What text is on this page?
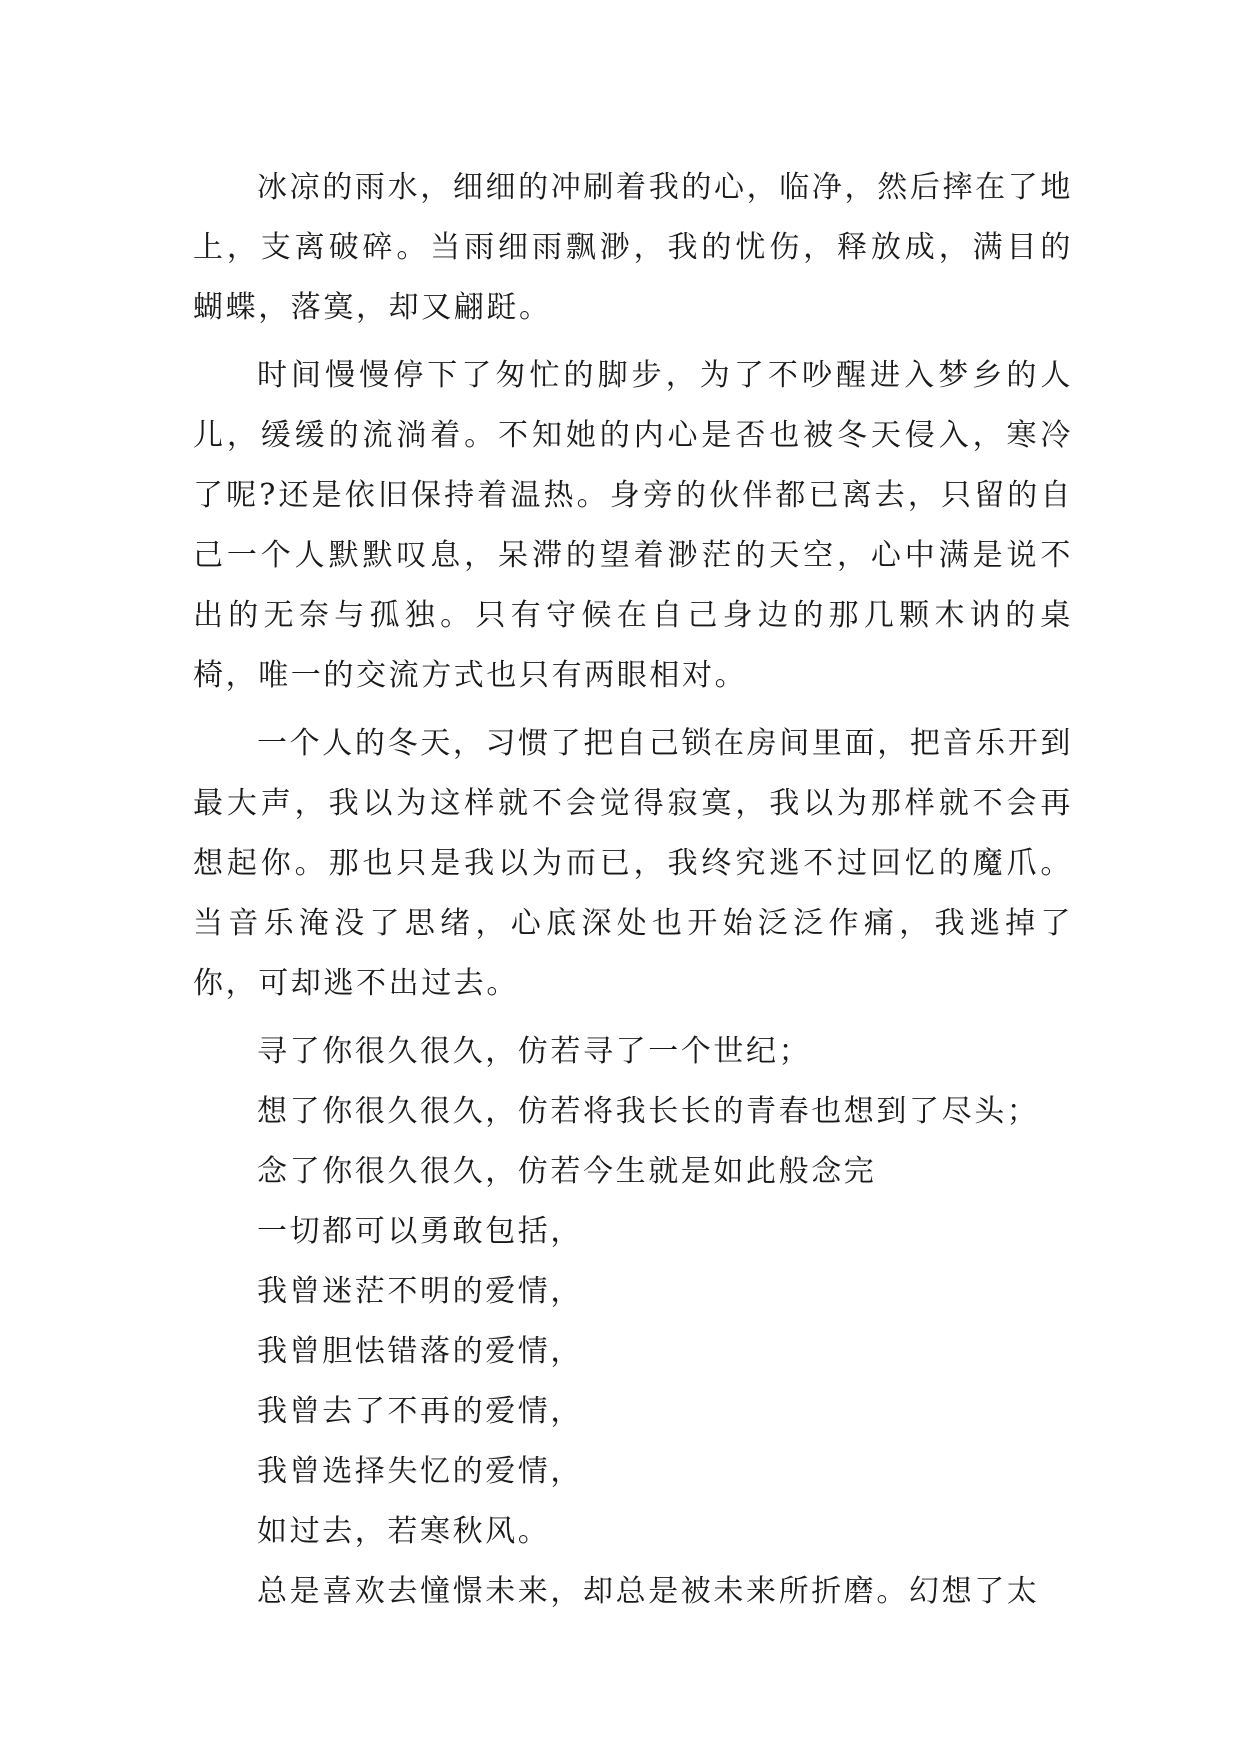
冰凉的雨水，细细的冲刷着我的心，临净，然后摔在了地上，支离破碎。当雨细雨飘渺，我的忧伤，释放成，满目的蝴蝶，落寞，却又翩跹。

时间慢慢停下了匆忙的脚步，为了不吵醒进入梦乡的人儿，缓缓的流淌着。不知她的内心是否也被冬天侵入，寒冷了呢?还是依旧保持着温热。身旁的伙伴都已离去，只留的自己一个人默默叹息，呆滞的望着渺茫的天空，心中满是说不出的无奈与孤独。只有守候在自己身边的那几颗木讷的桌椅，唯一的交流方式也只有两眼相对。

一个人的冬天，习惯了把自己锁在房间里面，把音乐开到最大声，我以为这样就不会觉得寂寞，我以为那样就不会再想起你。那也只是我以为而已，我终究逃不过回忆的魔爪。当音乐淹没了思绪，心底深处也开始泛泛作痛，我逃掉了你，可却逃不出过去。

寻了你很久很久，仿若寻了一个世纪；

想了你很久很久，仿若将我长长的青春也想到了尽头；

念了你很久很久，仿若今生就是如此般念完

一切都可以勇敢包括，

我曾迷茫不明的爱情，

我曾胆怯错落的爱情，

我曾去了不再的爱情，

我曾选择失忆的爱情，

如过去，若寒秋风。

总是喜欢去憧憬未来，却总是被未来所折磨。幻想了太
